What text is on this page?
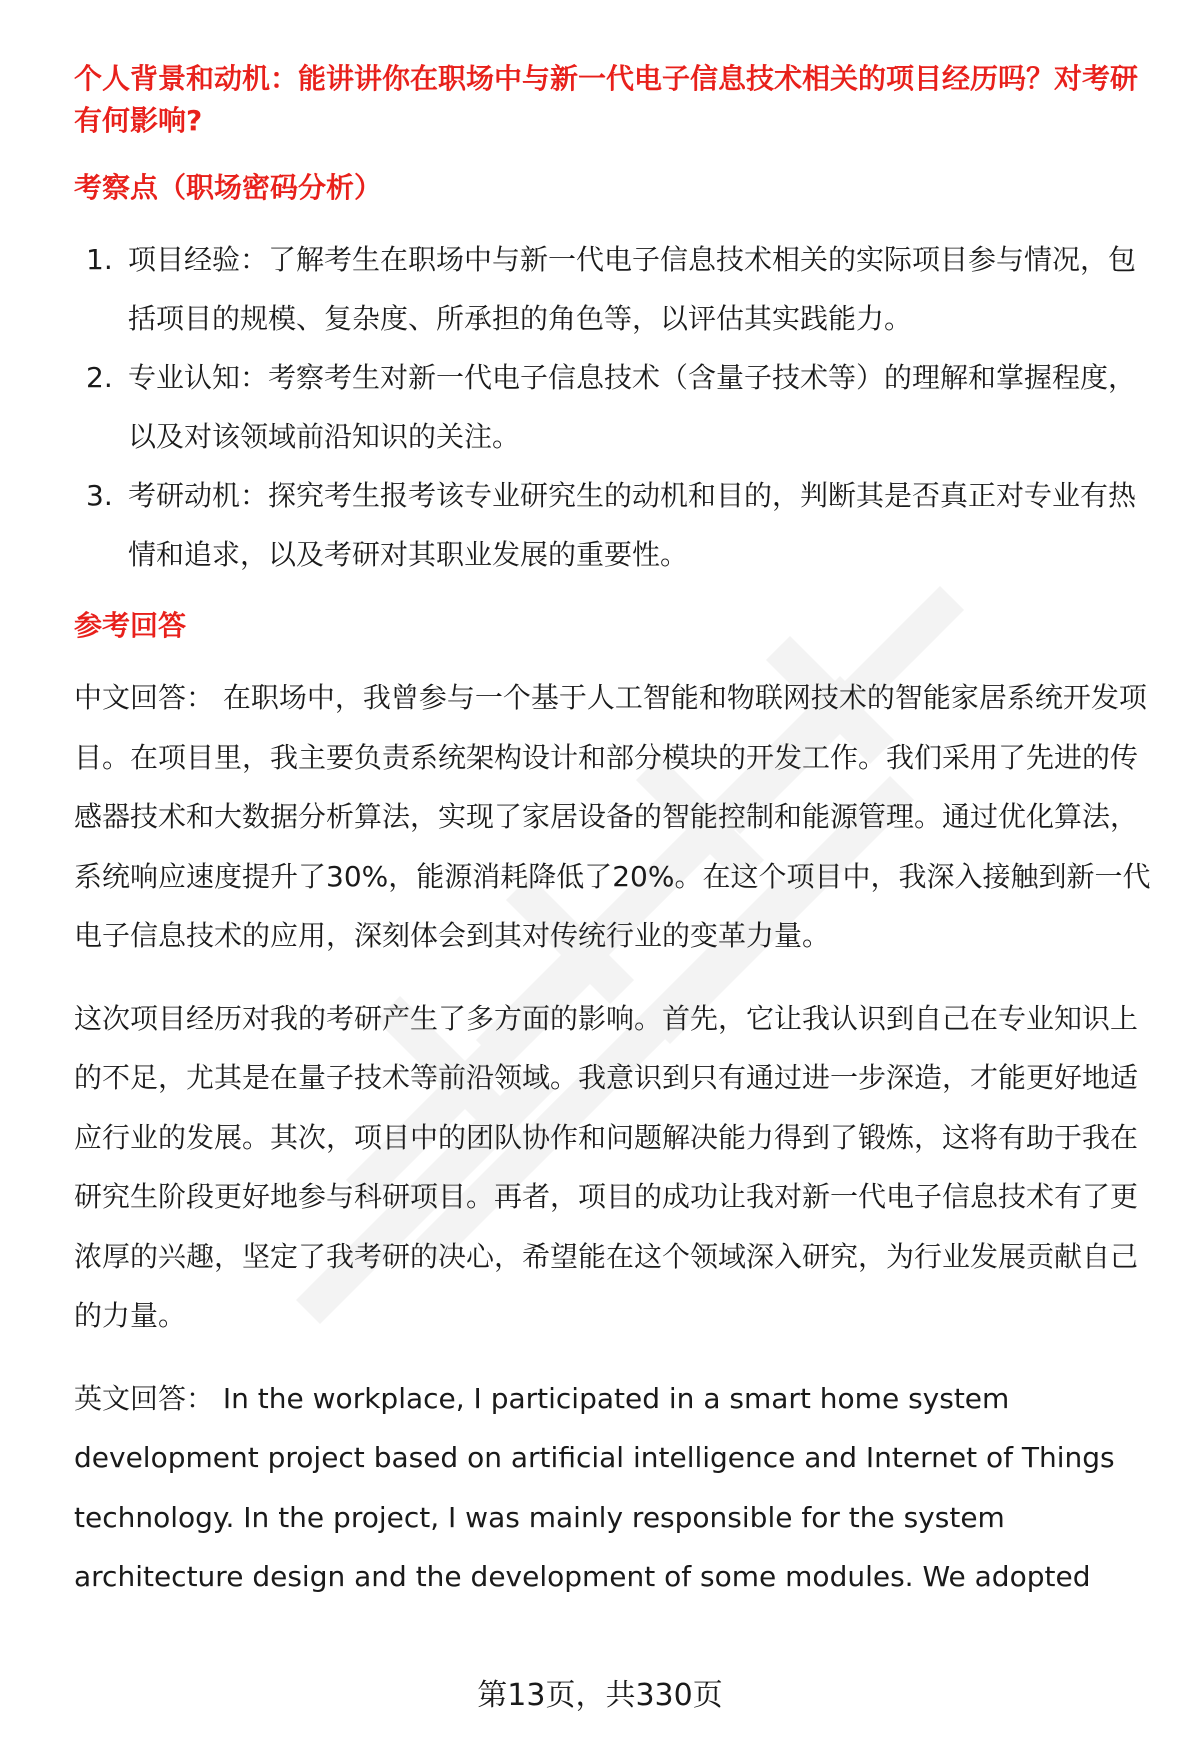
个人背景和动机：能讲讲你在职场中与新一代电子信息技术相关的项目经历吗？对考研有何影响?

考察点（职场密码分析）

1. 项目经验：了解考生在职场中与新一代电子信息技术相关的实际项目参与情况，包括项目的规模、复杂度、所承担的角色等，以评估其实践能力。
2. 专业认知：考察考生对新一代电子信息技术（含量子技术等）的理解和掌握程度，以及对该领域前沿知识的关注。
3. 考研动机：探究考生报考该专业研究生的动机和目的，判断其是否真正对专业有热情和追求，以及考研对其职业发展的重要性。

参考回答

中文回答： 在职场中，我曾参与一个基于人工智能和物联网技术的智能家居系统开发项目。在项目里，我主要负责系统架构设计和部分模块的开发工作。我们采用了先进的传感器技术和大数据分析算法，实现了家居设备的智能控制和能源管理。通过优化算法，系统响应速度提升了30%，能源消耗降低了20%。在这个项目中，我深入接触到新一代电子信息技术的应用，深刻体会到其对传统行业的变革力量。

这次项目经历对我的考研产生了多方面的影响。首先，它让我认识到自己在专业知识上的不足，尤其是在量子技术等前沿领域。我意识到只有通过进一步深造，才能更好地适应行业的发展。其次，项目中的团队协作和问题解决能力得到了锻炼，这将有助于我在研究生阶段更好地参与科研项目。再者，项目的成功让我对新一代电子信息技术有了更浓厚的兴趣，坚定了我考研的决心，希望能在这个领域深入研究，为行业发展贡献自己的力量。

英文回答： In the workplace, I participated in a smart home system development project based on artificial intelligence and Internet of Things technology. In the project, I was mainly responsible for the system architecture design and the development of some modules. We adopted

第13页，共330页
